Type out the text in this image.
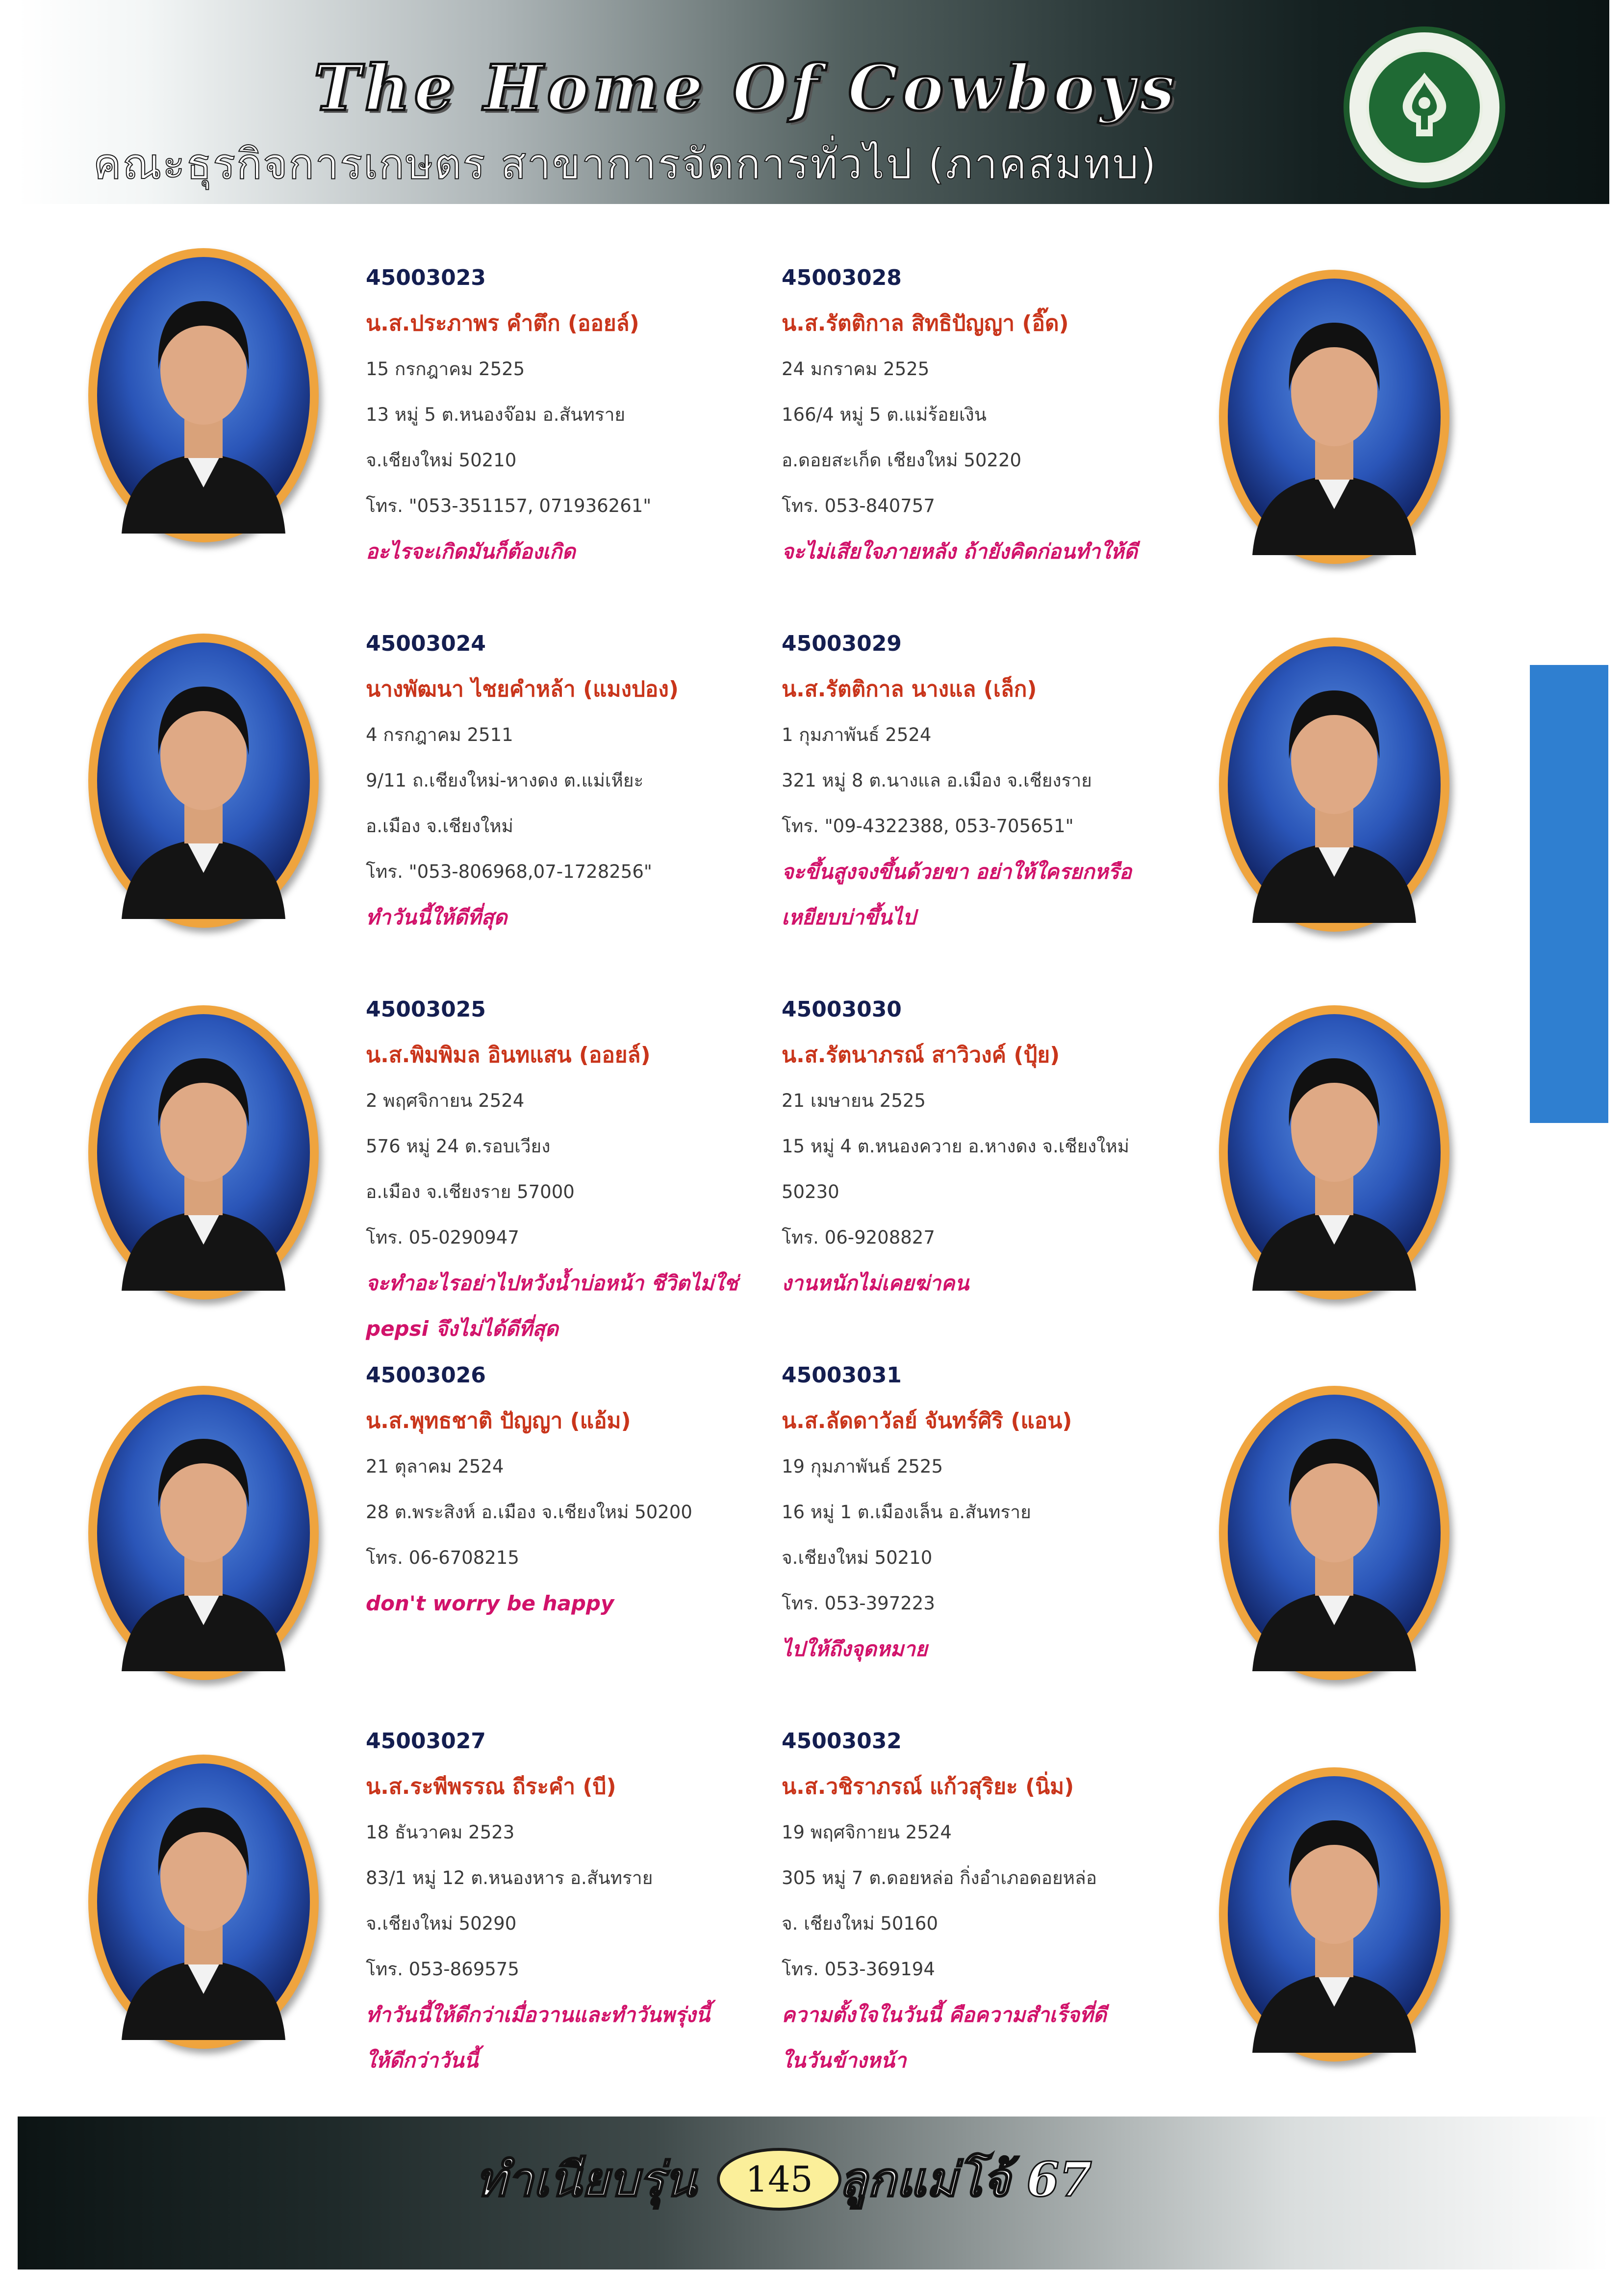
The Home Of Cowboys
คณะธุรกิจการเกษตร สาขาการจัดการทั่วไป (ภาคสมทบ)
45003023
น.ส.ประภาพร คำตึก (ออยล์)
15 กรกฎาคม 2525
13 หมู่ 5 ต.หนองจ๊อม อ.สันทราย
จ.เชียงใหม่ 50210
โทร. "053-351157, 071936261"
อะไรจะเกิดมันก็ต้องเกิด
45003028
น.ส.รัตติกาล สิทธิปัญญา (อิ๊ด)
24 มกราคม 2525
166/4 หมู่ 5 ต.แม่ร้อยเงิน
อ.ดอยสะเก็ด เชียงใหม่ 50220
โทร. 053-840757
จะไม่เสียใจภายหลัง ถ้ายังคิดก่อนทำให้ดี
45003024
นางพัฒนา ไชยคำหล้า (แมงปอง)
4 กรกฎาคม 2511
9/11 ถ.เชียงใหม่-หางดง ต.แม่เหียะ
อ.เมือง จ.เชียงใหม่
โทร. "053-806968,07-1728256"
ทำวันนี้ให้ดีที่สุด
45003029
น.ส.รัตติกาล นางแล (เล็ก)
1 กุมภาพันธ์ 2524
321 หมู่ 8 ต.นางแล อ.เมือง จ.เชียงราย
โทร. "09-4322388, 053-705651"
จะขึ้นสูงจงขึ้นด้วยขา อย่าให้ใครยกหรือ
เหยียบบ่าขึ้นไป
45003025
น.ส.พิมพิมล อินทแสน (ออยล์)
2 พฤศจิกายน 2524
576 หมู่ 24 ต.รอบเวียง
อ.เมือง จ.เชียงราย 57000
โทร. 05-0290947
จะทำอะไรอย่าไปหวังน้ำบ่อหน้า ชีวิตไม่ใช่
pepsi จึงไม่ได้ดีที่สุด
45003030
น.ส.รัตนาภรณ์ สาวิวงค์ (ปุ้ย)
21 เมษายน 2525
15 หมู่ 4 ต.หนองควาย อ.หางดง จ.เชียงใหม่
50230
โทร. 06-9208827
งานหนักไม่เคยฆ่าคน
45003026
น.ส.พุทธชาติ ปัญญา (แอ้ม)
21 ตุลาคม 2524
28 ต.พระสิงห์ อ.เมือง จ.เชียงใหม่ 50200
โทร. 06-6708215
don't worry be happy
45003031
น.ส.ลัดดาวัลย์ จันทร์ศิริ (แอน)
19 กุมภาพันธ์ 2525
16 หมู่ 1 ต.เมืองเล็น อ.สันทราย
จ.เชียงใหม่ 50210
โทร. 053-397223
ไปให้ถึงจุดหมาย
45003027
น.ส.ระพีพรรณ ถีระคำ (บี)
18 ธันวาคม 2523
83/1 หมู่ 12 ต.หนองหาร อ.สันทราย
จ.เชียงใหม่ 50290
โทร. 053-869575
ทำวันนี้ให้ดีกว่าเมื่อวานและทำวันพรุ่งนี้
ให้ดีกว่าวันนี้
45003032
น.ส.วชิราภรณ์ แก้วสุริยะ (นิ่ม)
19 พฤศจิกายน 2524
305 หมู่ 7 ต.ดอยหล่อ กิ่งอำเภอดอยหล่อ
จ. เชียงใหม่ 50160
โทร. 053-369194
ความตั้งใจในวันนี้ คือความสำเร็จที่ดี
ในวันข้างหน้า
ทำเนียบรุ่น	145 ลูกแม่โจ้ 67
